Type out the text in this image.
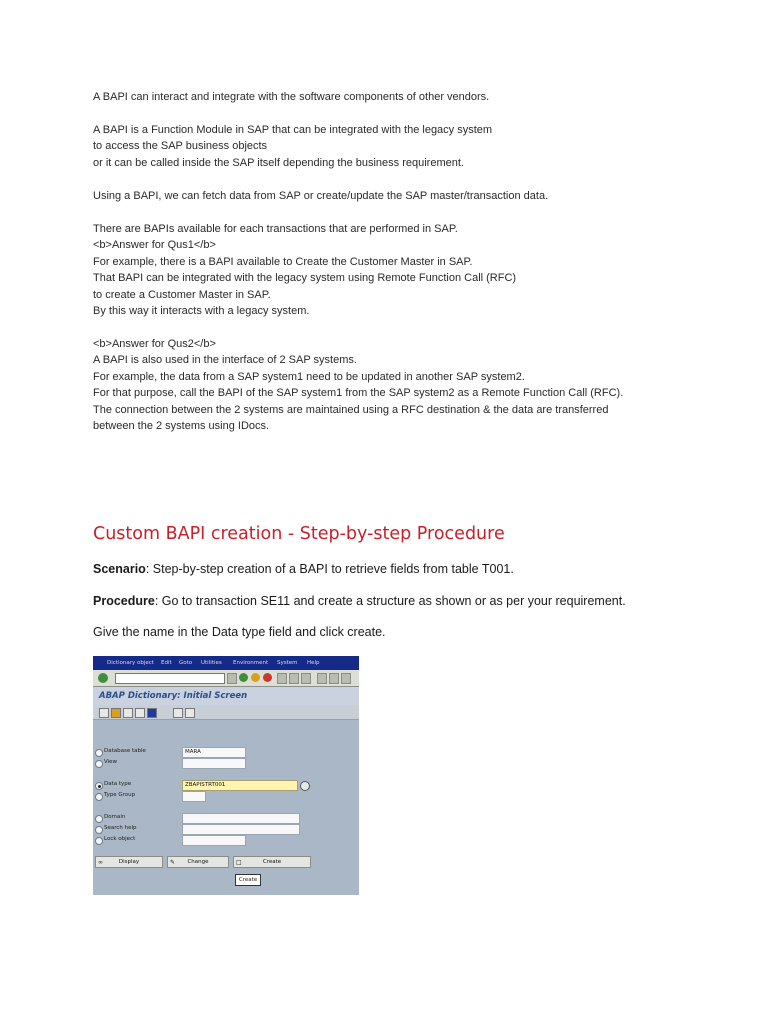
A BAPI can interact and integrate with the software components of other vendors.
A BAPI is a Function Module in SAP that can be integrated with the legacy system
to access the SAP business objects
or it can be called inside the SAP itself depending the business requirement.
Using a BAPI, we can fetch data from SAP or create/update the SAP master/transaction data.
There are BAPIs available for each transactions that are performed in SAP.
<b>Answer for Qus1</b>
For example, there is a BAPI available to Create the Customer Master in SAP.
That BAPI can be integrated with the legacy system using Remote Function Call (RFC)
to create a Customer Master in SAP.
By this way it interacts with a legacy system.
<b>Answer for Qus2</b>
A BAPI is also used in the interface of 2 SAP systems.
For example, the data from a SAP system1 need to be updated in another SAP system2.
For that purpose, call the BAPI of the SAP system1 from the SAP system2 as a Remote Function Call (RFC).
The connection between the 2 systems are maintained using a RFC destination & the data are transferred
between the 2 systems using IDocs.
Custom BAPI creation - Step-by-step Procedure

Scenario: Step-by-step creation of a BAPI to retrieve fields from table T001.

Procedure: Go to transaction SE11 and create a structure as shown or as per your requirement.

Give the name in the Data type field and click create.

Dictionary object Edit Goto Utilities Environment System Help
ABAP Dictionary: Initial Screen
Database table	MARA
View
Data type	ZBAPISTRT001
Type Group
Domain
Search help
Lock object
∞	Display	✎ Change	□	Create
Create
